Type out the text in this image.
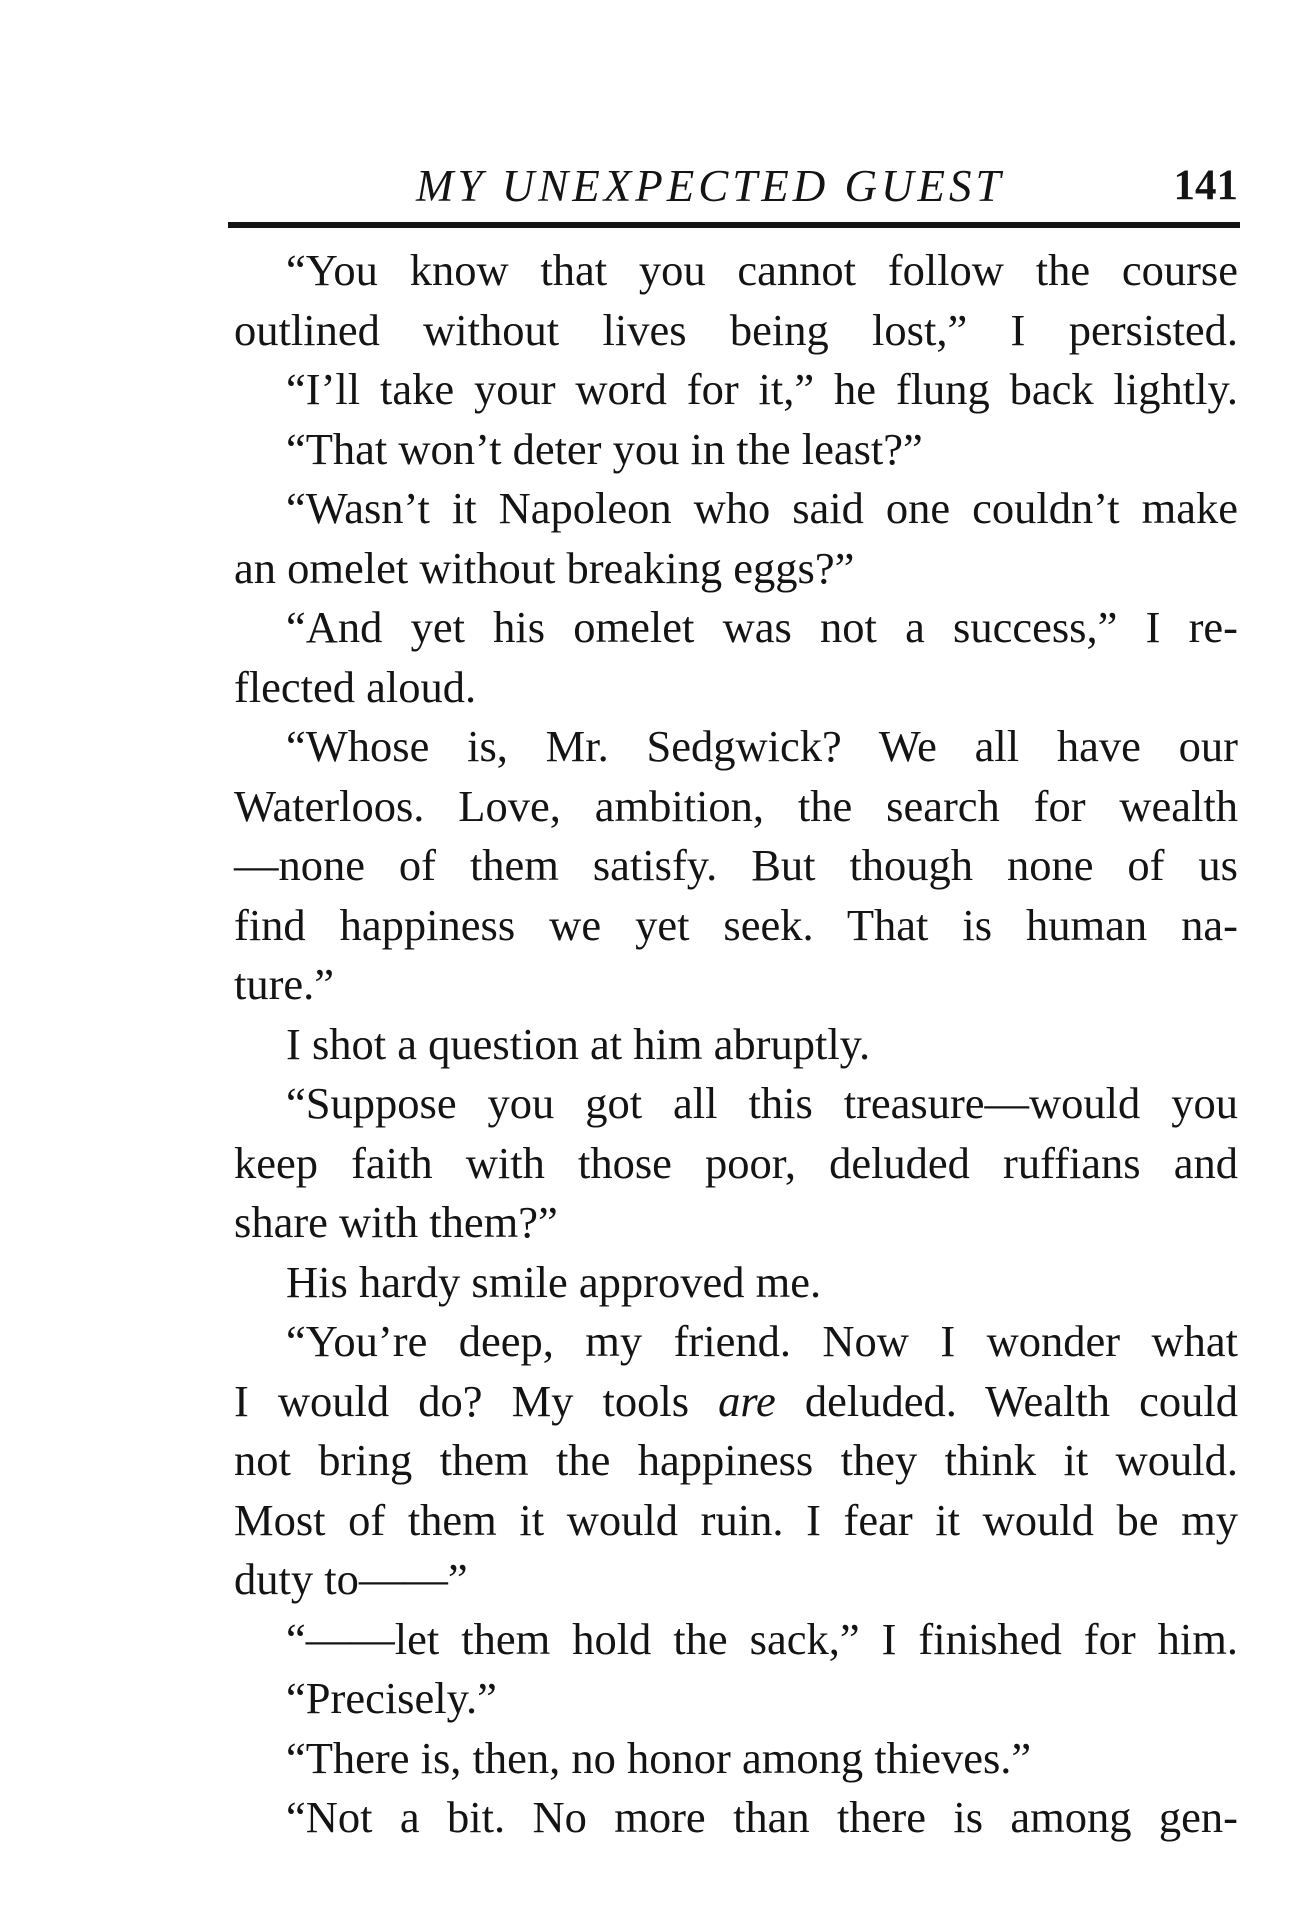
MY UNEXPECTED GUEST	141
“You know that you cannot follow the course
outlined without lives being lost,” I persisted.
“I’ll take your word for it,” he flung back lightly.
“That won’t deter you in the least?”
“Wasn’t it Napoleon who said one couldn’t make
an omelet without breaking eggs?”
“And yet his omelet was not a success,” I re-
flected aloud.
“Whose is, Mr. Sedgwick? We all have our
Waterloos. Love, ambition, the search for wealth
—none of them satisfy. But though none of us
find happiness we yet seek. That is human na-
ture.”
I shot a question at him abruptly.
“Suppose you got all this treasure—would you
keep faith with those poor, deluded ruffians and
share with them?”
His hardy smile approved me.
“You’re deep, my friend. Now I wonder what
I would do? My tools are deluded. Wealth could
not bring them the happiness they think it would.
Most of them it would ruin. I fear it would be my
duty to——”
“——let them hold the sack,” I finished for him.
“Precisely.”
“There is, then, no honor among thieves.”
“Not a bit. No more than there is among gen-
